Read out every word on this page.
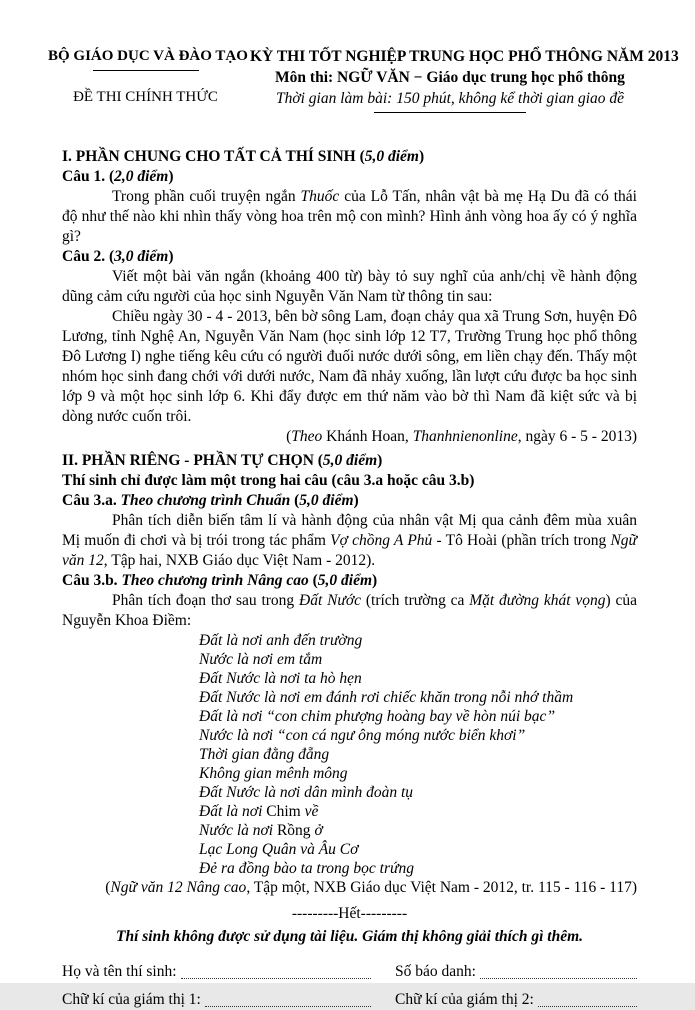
BỘ GIÁO DỤC VÀ ĐÀO TẠO
ĐỀ THI CHÍNH THỨC
KỲ THI TỐT NGHIỆP TRUNG HỌC PHỔ THÔNG NĂM 2013
Môn thi: NGỮ VĂN − Giáo dục trung học phổ thông
Thời gian làm bài: 150 phút, không kể thời gian giao đề
I. PHẦN CHUNG CHO TẤT CẢ THÍ SINH (5,0 điểm)
Câu 1. (2,0 điểm)
Trong phần cuối truyện ngắn Thuốc của Lỗ Tấn, nhân vật bà mẹ Hạ Du đã có thái độ như thế nào khi nhìn thấy vòng hoa trên mộ con mình? Hình ảnh vòng hoa ấy có ý nghĩa gì?
Câu 2. (3,0 điểm)
Viết một bài văn ngắn (khoảng 400 từ) bày tỏ suy nghĩ của anh/chị về hành động dũng cảm cứu người của học sinh Nguyễn Văn Nam từ thông tin sau:
Chiều ngày 30 - 4 - 2013, bên bờ sông Lam, đoạn chảy qua xã Trung Sơn, huyện Đô Lương, tỉnh Nghệ An, Nguyễn Văn Nam (học sinh lớp 12 T7, Trường Trung học phổ thông Đô Lương I) nghe tiếng kêu cứu có người đuối nước dưới sông, em liền chạy đến. Thấy một nhóm học sinh đang chới với dưới nước, Nam đã nhảy xuống, lần lượt cứu được ba học sinh lớp 9 và một học sinh lớp 6. Khi đẩy được em thứ năm vào bờ thì Nam đã kiệt sức và bị dòng nước cuốn trôi.
(Theo Khánh Hoan, Thanhnienonline, ngày 6 - 5 - 2013)
II. PHẦN RIÊNG - PHẦN TỰ CHỌN (5,0 điểm)
Thí sinh chỉ được làm một trong hai câu (câu 3.a hoặc câu 3.b)
Câu 3.a. Theo chương trình Chuẩn (5,0 điểm)
Phân tích diễn biến tâm lí và hành động của nhân vật Mị qua cảnh đêm mùa xuân Mị muốn đi chơi và bị trói trong tác phẩm Vợ chồng A Phủ - Tô Hoài (phần trích trong Ngữ văn 12, Tập hai, NXB Giáo dục Việt Nam - 2012).
Câu 3.b. Theo chương trình Nâng cao (5,0 điểm)
Phân tích đoạn thơ sau trong Đất Nước (trích trường ca Mặt đường khát vọng) của Nguyễn Khoa Điềm:
Đất là nơi anh đến trường
Nước là nơi em tắm
Đất Nước là nơi ta hò hẹn
Đất Nước là nơi em đánh rơi chiếc khăn trong nỗi nhớ thầm
Đất là nơi “con chim phượng hoàng bay về hòn núi bạc”
Nước là nơi “con cá ngư ông móng nước biển khơi”
Thời gian đằng đẵng
Không gian mênh mông
Đất Nước là nơi dân mình đoàn tụ
Đất là nơi Chim về
Nước là nơi Rồng ở
Lạc Long Quân và Âu Cơ
Đẻ ra đồng bào ta trong bọc trứng
(Ngữ văn 12 Nâng cao, Tập một, NXB Giáo dục Việt Nam - 2012, tr. 115 - 116 - 117)
---------Hết---------
Thí sinh không được sử dụng tài liệu. Giám thị không giải thích gì thêm.
Họ và tên thí sinh:	Số báo danh:
Chữ kí của giám thị 1:	Chữ kí của giám thị 2:
